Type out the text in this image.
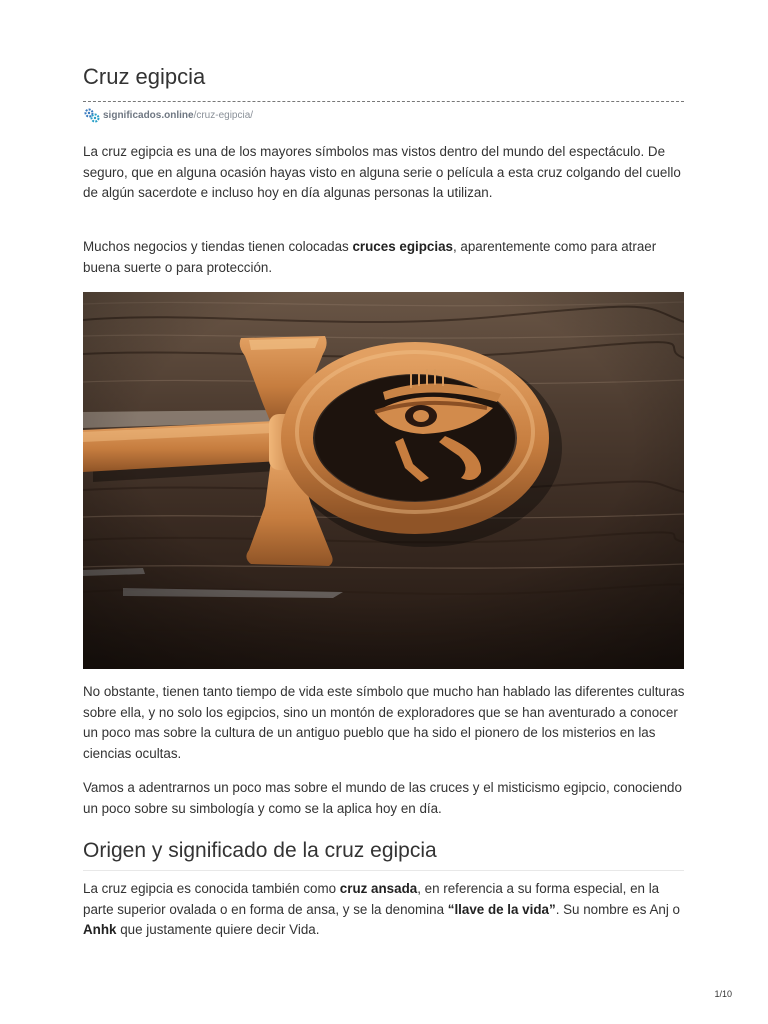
Cruz egipcia
significados.online /cruz-egipcia/

La cruz egipcia es una de los mayores símbolos mas vistos dentro del mundo del espectáculo. De seguro, que en alguna ocasión hayas visto en alguna serie o película a esta cruz colgando del cuello de algún sacerdote e incluso hoy en día algunas personas la utilizan.

Muchos negocios y tiendas tienen colocadas cruces egipcias, aparentemente como para atraer buena suerte o para protección.

No obstante, tienen tanto tiempo de vida este símbolo que mucho han hablado las diferentes culturas sobre ella, y no solo los egipcios, sino un montón de exploradores que se han aventurado a conocer un poco mas sobre la cultura de un antiguo pueblo que ha sido el pionero de los misterios en las ciencias ocultas.

Vamos a adentrarnos un poco mas sobre el mundo de las cruces y el misticismo egipcio, conociendo un poco sobre su simbología y como se la aplica hoy en día.

Origen y significado de la cruz egipcia

La cruz egipcia es conocida también como cruz ansada, en referencia a su forma especial, en la parte superior ovalada o en forma de ansa, y se la denomina “llave de la vida”. Su nombre es Anj o Anhk que justamente quiere decir Vida.

1/10
